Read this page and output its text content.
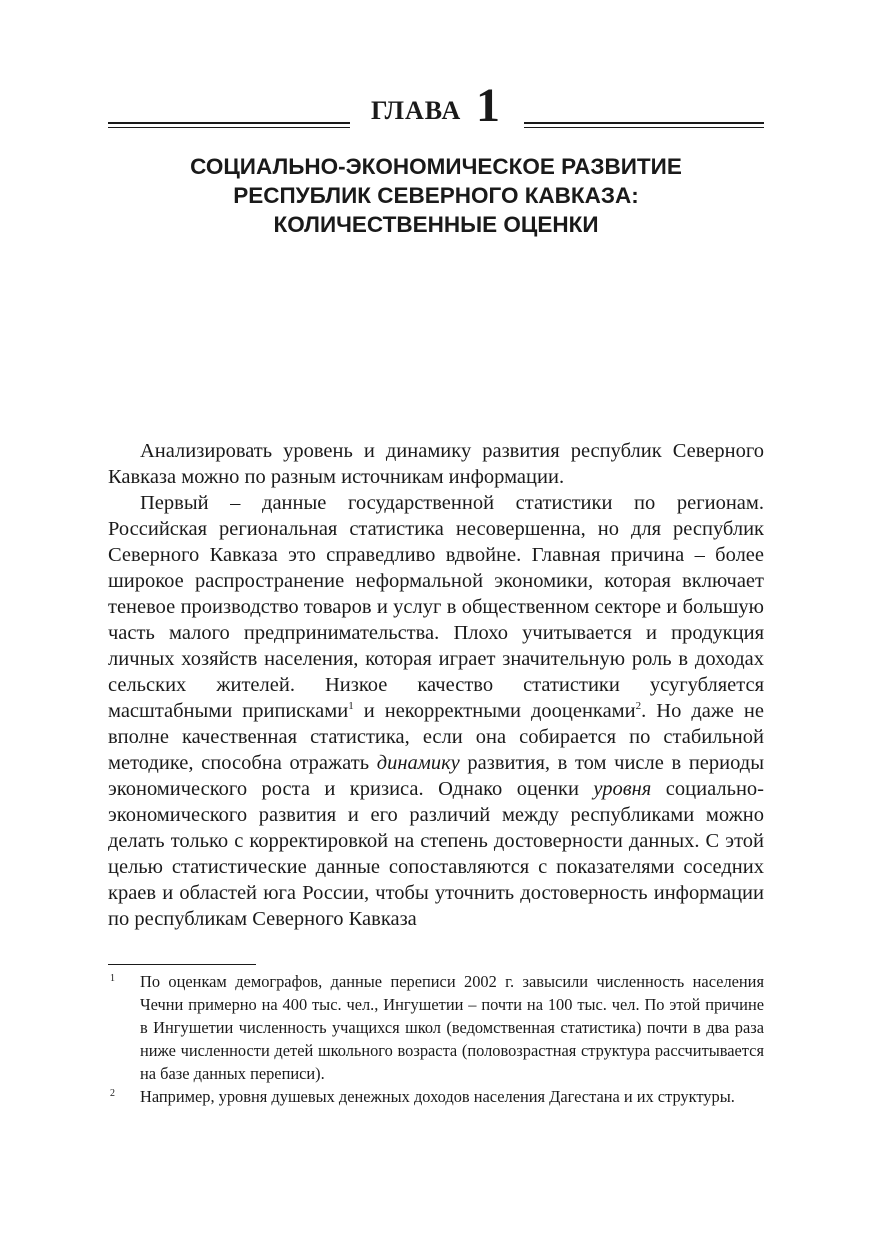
ГЛАВА 1
СОЦИАЛЬНО-ЭКОНОМИЧЕСКОЕ РАЗВИТИЕ
РЕСПУБЛИК СЕВЕРНОГО КАВКАЗА:
КОЛИЧЕСТВЕННЫЕ ОЦЕНКИ

Анализировать уровень и динамику развития республик Северного Кавказа можно по разным источникам информации.

Первый – данные государственной статистики по регионам. Российская региональная статистика несовершенна, но для республик Северного Кавказа это справедливо вдвойне. Главная причина – более широкое распространение неформальной экономики, которая включает теневое производство товаров и услуг в общественном секторе и большую часть малого предпринимательства. Плохо учитывается и продукция личных хозяйств населения, которая играет значительную роль в доходах сельских жителей. Низкое качество статистики усугубляется масштабными приписками$^1$ и некорректными дооценками$^2$. Но даже не вполне качественная статистика, если она собирается по стабильной методике, способна отражать динамику развития, в том числе в периоды экономического роста и кризиса. Однако оценки уровня социально-экономического развития и его различий между республиками можно делать только с корректировкой на степень достоверности данных. С этой целью статистические данные сопоставляются с показателями соседних краев и областей юга России, чтобы уточнить достоверность информации по республикам Северного Кавказа

1 По оценкам демографов, данные переписи 2002 г. завысили численность населения Чечни примерно на 400 тыс. чел., Ингушетии – почти на 100 тыс. чел. По этой причине в Ингушетии численность учащихся школ (ведомственная статистика) почти в два раза ниже численности детей школьного возраста (половозрастная структура рассчитывается на базе данных переписи).

2 Например, уровня душевых денежных доходов населения Дагестана и их структуры.
